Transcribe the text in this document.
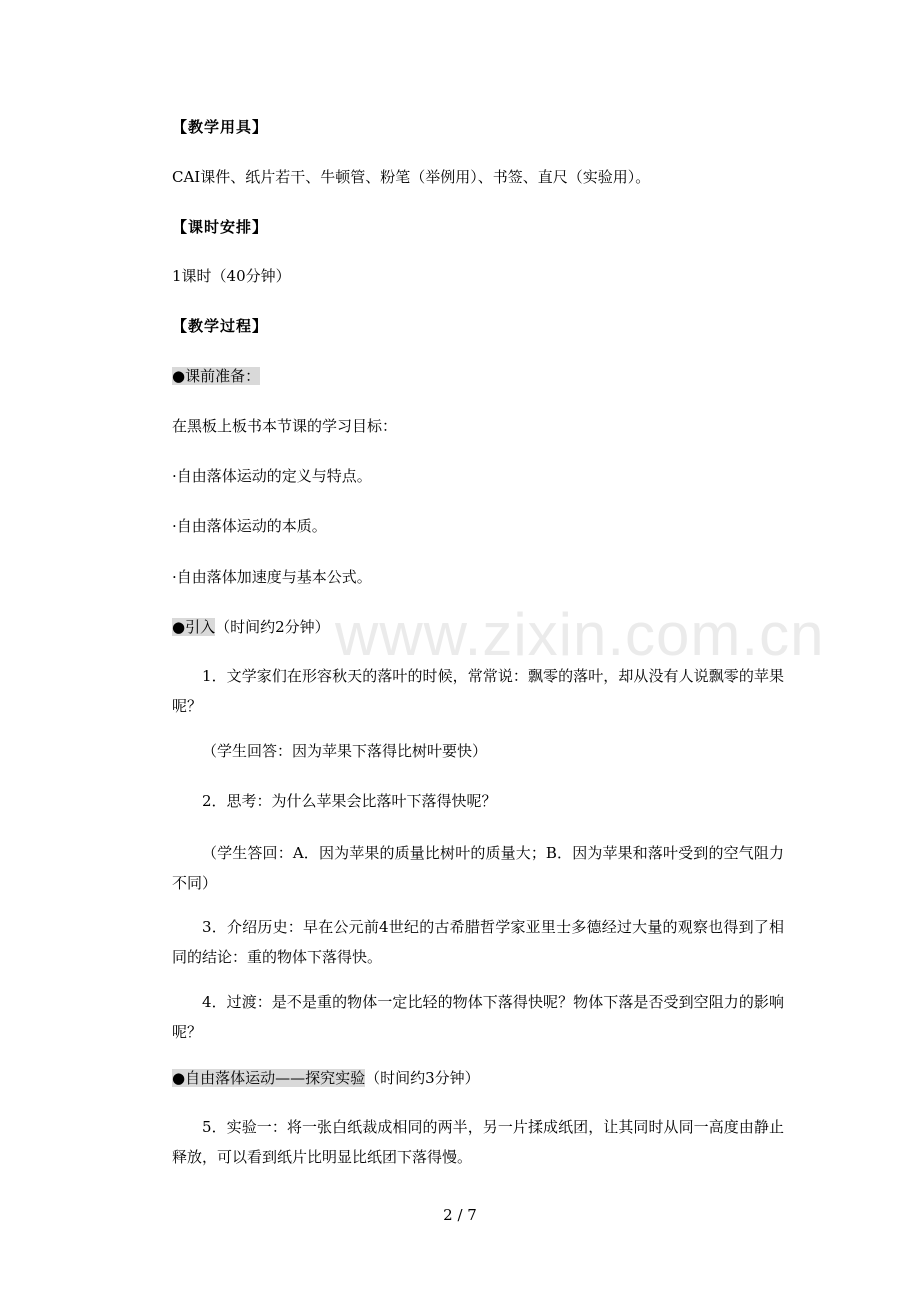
www.zixin.com.cn
【教学用具】
CAI课件、纸片若干、牛顿管、粉笔（举例用）、书签、直尺（实验用）。
【课时安排】
1课时（40分钟）
【教学过程】
●课前准备：
在黑板上板书本节课的学习目标：
·自由落体运动的定义与特点。
·自由落体运动的本质。
·自由落体加速度与基本公式。
●引入（时间约2分钟）
1．文学家们在形容秋天的落叶的时候，常常说：飘零的落叶，却从没有人说飘零的苹果呢？
（学生回答：因为苹果下落得比树叶要快）
2．思考：为什么苹果会比落叶下落得快呢？
（学生答回：A．因为苹果的质量比树叶的质量大；B．因为苹果和落叶受到的空气阻力不同）
3．介绍历史：早在公元前4世纪的古希腊哲学家亚里士多德经过大量的观察也得到了相同的结论：重的物体下落得快。
4．过渡：是不是重的物体一定比轻的物体下落得快呢？物体下落是否受到空阻力的影响呢？
●自由落体运动——探究实验（时间约3分钟）
5．实验一：将一张白纸裁成相同的两半，另一片揉成纸团，让其同时从同一高度由静止释放，可以看到纸片比明显比纸团下落得慢。
2 / 7
